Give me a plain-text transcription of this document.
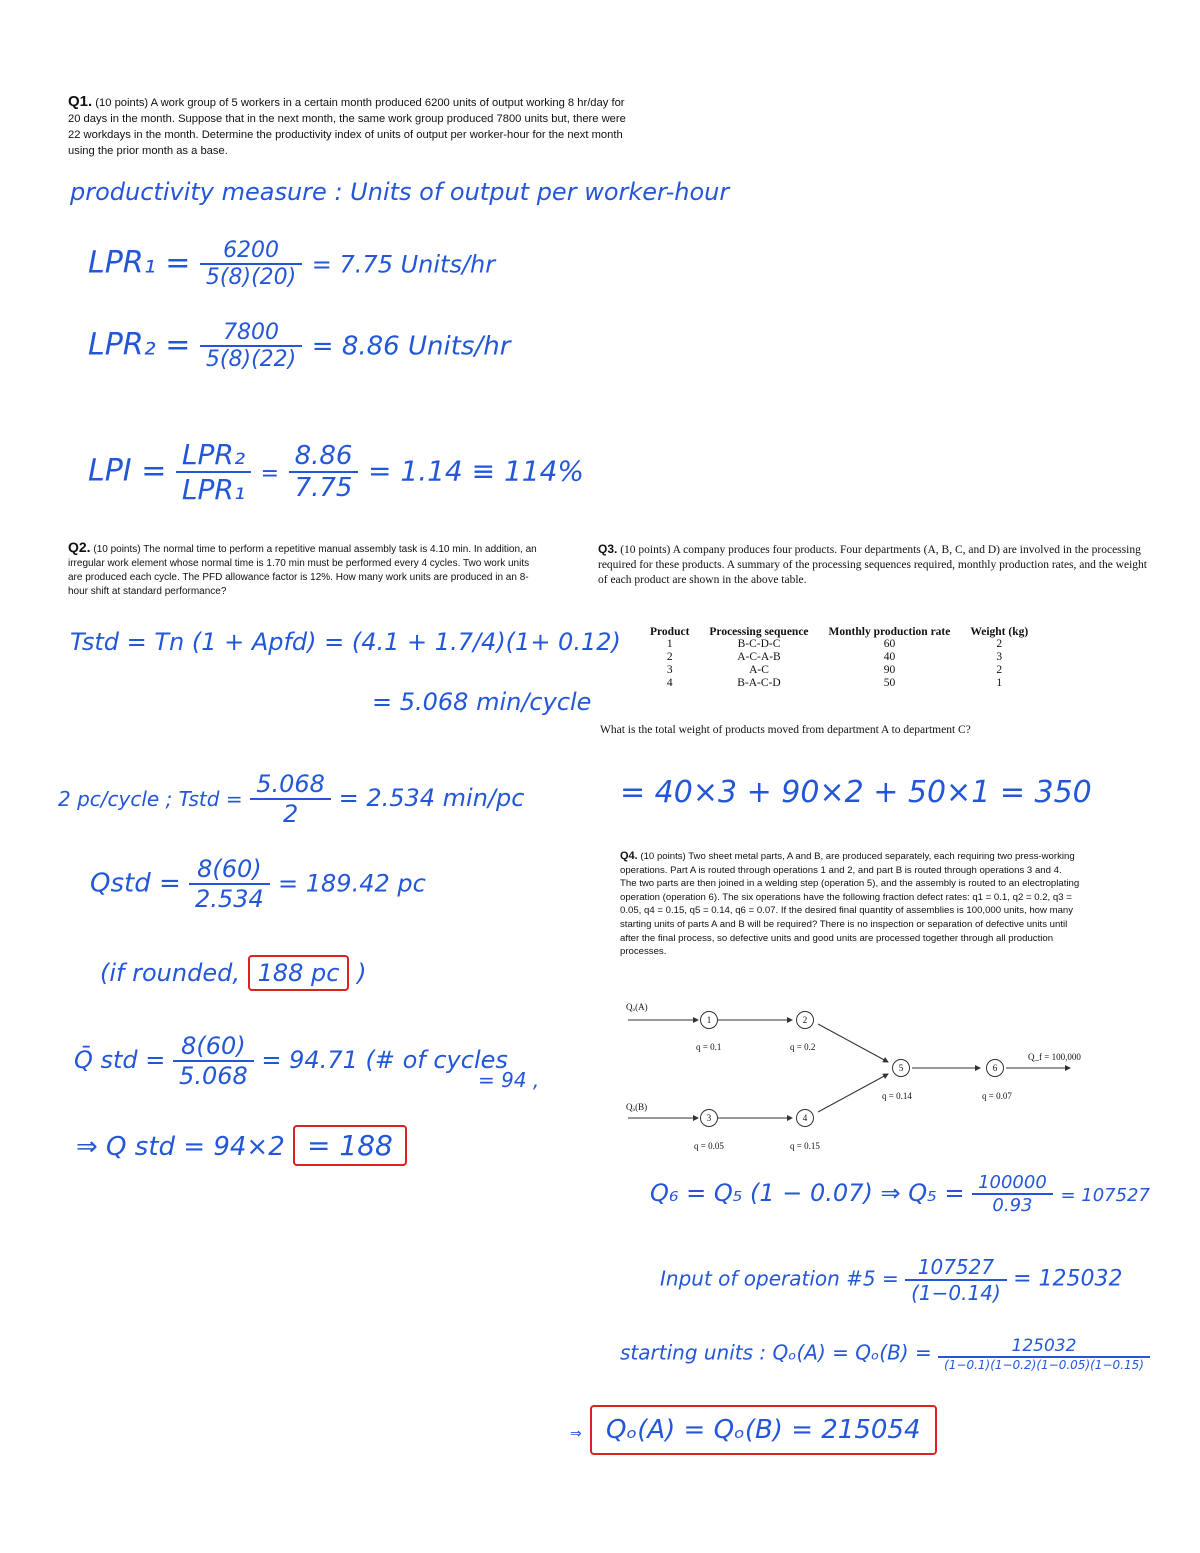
Q1. (10 points) A work group of 5 workers in a certain month produced 6200 units of output working 8 hr/day for 20 days in the month. Suppose that in the next month, the same work group produced 7800 units but, there were 22 workdays in the month. Determine the productivity index of units of output per worker-hour for the next month using the prior month as a base.
productivity measure : Units of output per worker-hour
$LPR_1 = \frac{6200}{5(8)(20)} = 7.75$ Units/hr
$LPR_2 = \frac{7800}{5(8)(22)} = 8.86$ Units/hr
LPI = $\frac{\text{LPR₂}}{\text{LPR₁}} = \frac{8.86}{7.75} = 1.14 \equiv 114\%$
Q2. (10 points) The normal time to perform a repetitive manual assembly task is 4.10 min. In addition, an irregular work element whose normal time is 1.70 min must be performed every 4 cycles. Two work units are produced each cycle. The PFD allowance factor is 12%. How many work units are produced in an 8-hour shift at standard performance?
Tstd = Tn (1 + Apfd) = (4.1 + 1.7/4)(1+ 0.12)
= 5.068 min/cycle
2 pc/cycle ; Tstd = $\frac{5.068}{2} = 2.534$ min/pc
Qstd = $\frac{8(60)}{2.534} = 189.42$ pc
(if rounded, 188 pc )
Q̄ std = $\frac{8(60)}{5.068} = 94.71$ (# of cycles
= 94 ,
⇒ Q std = 94×2 = 188
Q3. (10 points) A company produces four products. Four departments (A, B, C, and D) are involved in the processing required for these products. A summary of the processing sequences required, monthly production rates, and the weight of each product are shown in the above table.
Product	Processing sequence	Monthly production rate	Weight (kg)
1	B-C-D-C	60	2
2	A-C-A-B	40	3
3	A-C	90	2
4	B-A-C-D	50	1
What is the total weight of products moved from department A to department C?
= 40×3 + 90×2 + 50×1 = 350
Q4. (10 points) Two sheet metal parts, A and B, are produced separately, each requiring two press-working operations. Part A is routed through operations 1 and 2, and part B is routed through operations 3 and 4. The two parts are then joined in a welding step (operation 5), and the assembly is routed to an electroplating operation (operation 6). The six operations have the following fraction defect rates: q1 = 0.1, q2 = 0.2, q3 = 0.05, q4 = 0.15, q5 = 0.14, q6 = 0.07. If the desired final quantity of assemblies is 100,000 units, how many starting units of parts A and B will be required? There is no inspection or separation of defective units until after the final process, so defective units and good units are processed together through all production processes.
Qₒ(A)
Qₒ(B)
1	2
3	4
5	6
q = 0.1	q = 0.2
q = 0.05	q = 0.15
q = 0.14	q = 0.07
Q_f = 100,000
Q₆ = Q₅ (1 − 0.07) ⇒ $Q_5 = \frac{100000}{0.93} = 107527$
Input of operation #5 = $\frac{107527}{(1-0.14)} = 125032$
starting units : $Q_o(A) = Q_o(B) = \frac{125032}{(1-0.1)(1-0.2)(1-0.05)(1-0.15)}$
⇒ Qₒ(A) = Qₒ(B) = 215054
